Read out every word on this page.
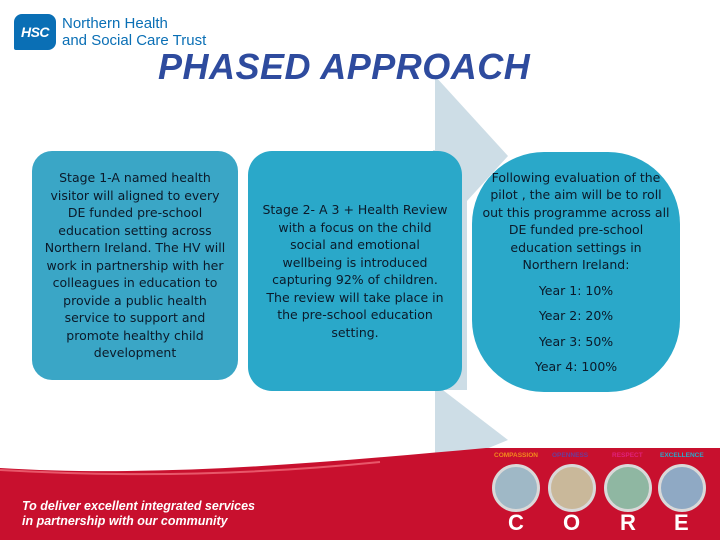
HSC Northern Health
and Social Care Trust
PHASED APPROACH
Stage 1-A named health visitor will aligned to every DE funded pre-school education setting across Northern Ireland. The HV will work in partnership with her colleagues in education to provide a public health service to support and promote healthy child development
Stage 2- A 3 + Health Review with a focus on the child social and emotional wellbeing is introduced capturing 92% of children. The review will take place in the pre-school education setting.
Following evaluation of the pilot , the aim will be to roll out this programme across all DE funded pre-school education settings in Northern Ireland:
Year 1: 10%
Year 2: 20%
Year 3: 50%
Year 4: 100%
To deliver excellent integrated services
in partnership with our community
COMPASSION OPENNESS	RESPECT	EXCELLENCE
C O R E
